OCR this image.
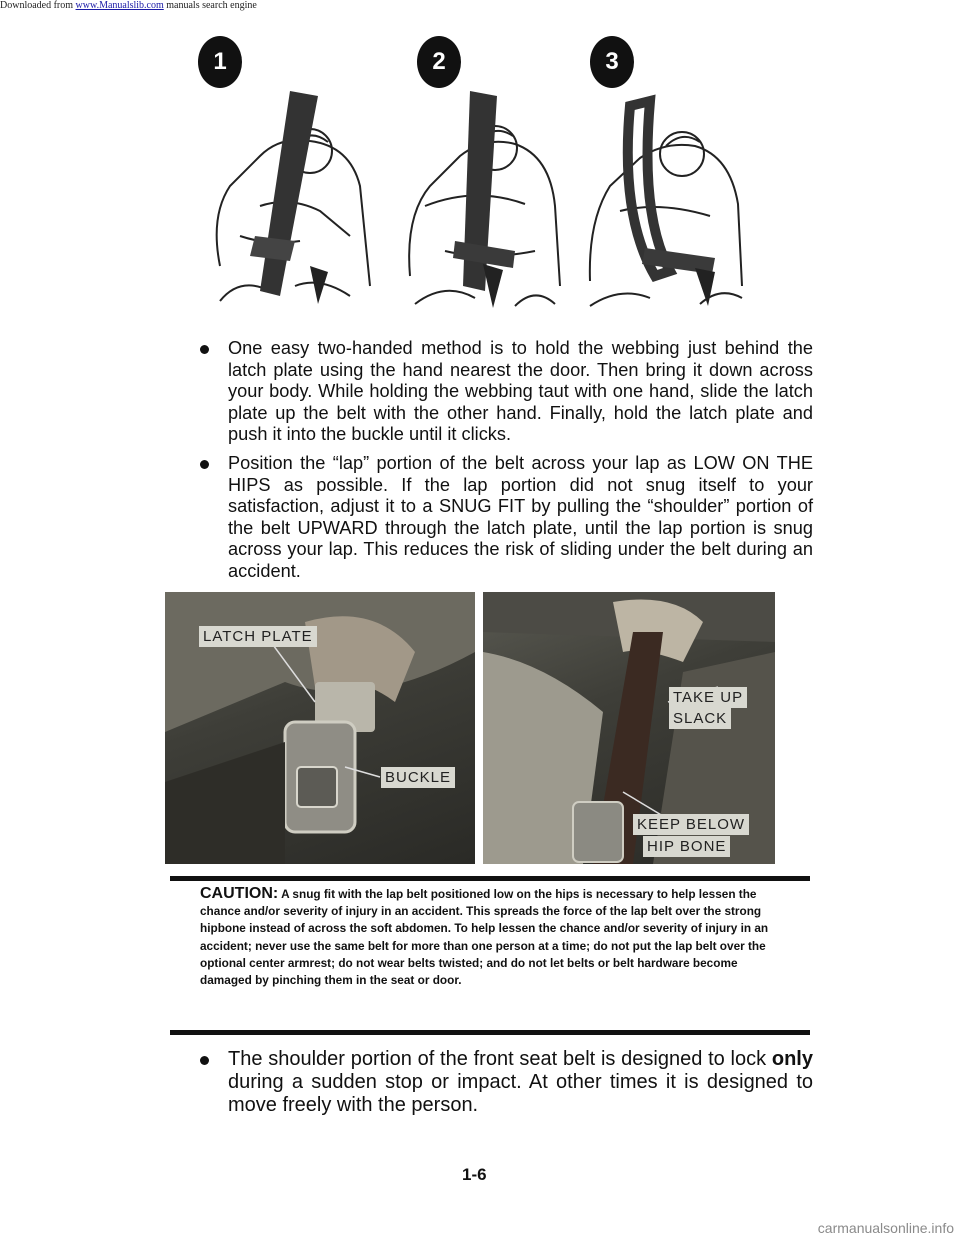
Downloaded from www.Manualslib.com manuals search engine
1	2	3
One easy two-handed method is to hold the webbing just behind the latch plate using the hand nearest the door. Then bring it down across your body. While holding the webbing taut with one hand, slide the latch plate up the belt with the other hand. Finally, hold the latch plate and push it into the buckle until it clicks.
Position the “lap” portion of the belt across your lap as LOW ON THE HIPS as possible. If the lap portion did not snug itself to your satisfaction, adjust it to a SNUG FIT by pulling the “shoulder” portion of the belt UPWARD through the latch plate, until the lap portion is snug across your lap. This reduces the risk of sliding under the belt during an accident.
LATCH PLATE
BUCKLE
TAKE UP
SLACK
KEEP BELOW
HIP BONE
CAUTION: A snug fit with the lap belt positioned low on the hips is necessary to help lessen the chance and/or severity of injury in an accident. This spreads the force of the lap belt over the strong hipbone instead of across the soft abdomen. To help lessen the chance and/or severity of injury in an accident; never use the same belt for more than one person at a time; do not put the lap belt over the optional center armrest; do not wear belts twisted; and do not let belts or belt hardware become damaged by pinching them in the seat or door.
The shoulder portion of the front seat belt is designed to lock only during a sudden stop or impact. At other times it is designed to move freely with the person.
1-6
carmanualsonline.info
